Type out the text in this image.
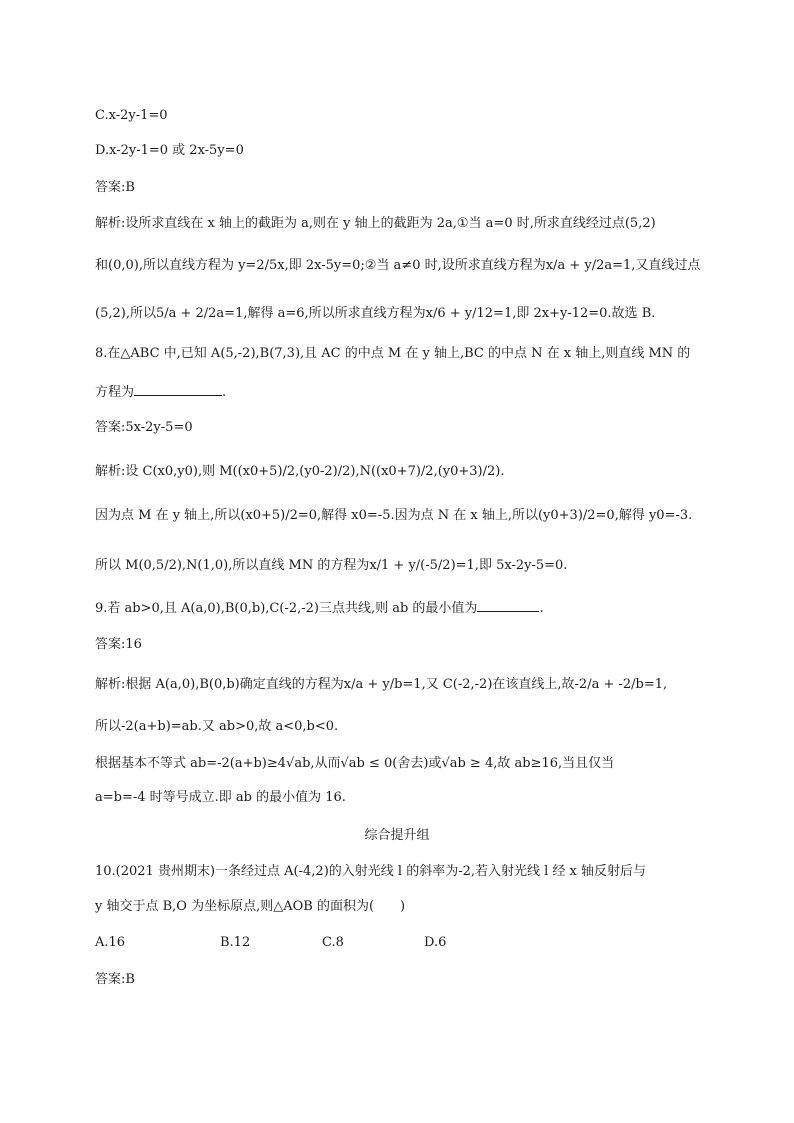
C.x-2y-1=0
D.x-2y-1=0 或 2x-5y=0
答案:B
解析:设所求直线在 x 轴上的截距为 a,则在 y 轴上的截距为 2a,①当 a=0 时,所求直线经过点(5,2)
和(0,0),所以直线方程为 y=2/5x,即 2x-5y=0;②当 a≠0 时,设所求直线方程为x/a + y/2a=1,又直线过点
(5,2),所以5/a + 2/2a=1,解得 a=6,所以所求直线方程为x/6 + y/12=1,即 2x+y-12=0.故选 B.
8.在△ABC 中,已知 A(5,-2),B(7,3),且 AC 的中点 M 在 y 轴上,BC 的中点 N 在 x 轴上,则直线 MN 的
方程为	.
答案:5x-2y-5=0
解析:设 C(x0,y0),则 M((x0+5)/2,(y0-2)/2),N((x0+7)/2,(y0+3)/2).
因为点 M 在 y 轴上,所以(x0+5)/2=0,解得 x0=-5.因为点 N 在 x 轴上,所以(y0+3)/2=0,解得 y0=-3.
所以 M(0,5/2),N(1,0),所以直线 MN 的方程为x/1 + y/(-5/2)=1,即 5x-2y-5=0.
9.若 ab>0,且 A(a,0),B(0,b),C(-2,-2)三点共线,则 ab 的最小值为	.
答案:16
解析:根据 A(a,0),B(0,b)确定直线的方程为x/a + y/b=1,又 C(-2,-2)在该直线上,故-2/a + -2/b=1,
所以-2(a+b)=ab.又 ab>0,故 a<0,b<0.
根据基本不等式 ab=-2(a+b)≥4√ab,从而√ab ≤ 0(舍去)或√ab ≥ 4,故 ab≥16,当且仅当
a=b=-4 时等号成立.即 ab 的最小值为 16.
综合提升组
10.(2021 贵州期末)一条经过点 A(-4,2)的入射光线 l 的斜率为-2,若入射光线 l 经 x 轴反射后与
y 轴交于点 B,O 为坐标原点,则△AOB 的面积为(　　)
A.16	B.12	C.8	D.6
答案:B
